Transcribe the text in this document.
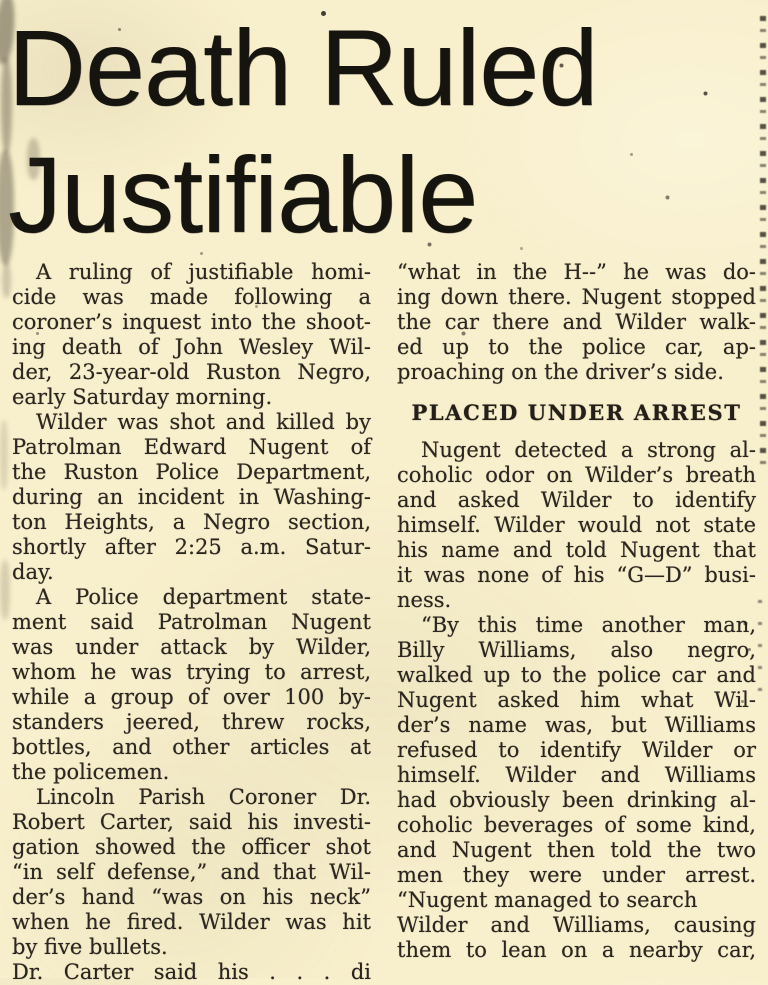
Death Ruled
Justifiable
A ruling of justifiable homi-
cide was made following a
coroner’s inquest into the shoot-
ing death of John Wesley Wil-
der, 23-year-old Ruston Negro,
early Saturday morning.
Wilder was shot and killed by
Patrolman Edward Nugent of
the Ruston Police Department,
during an incident in Washing-
ton Heights, a Negro section,
shortly after 2:25 a.m. Satur-
day.
A Police department state-
ment said Patrolman Nugent
was under attack by Wilder,
whom he was trying to arrest,
while a group of over 100 by-
standers jeered, threw rocks,
bottles, and other articles at
the policemen.
Lincoln Parish Coroner Dr.
Robert Carter, said his investi-
gation showed the officer shot
“in self defense,” and that Wil-
der’s hand “was on his neck”
when he fired. Wilder was hit
by five bullets.
Dr. Carter said his . . . di
“what in the H--” he was do-
ing down there. Nugent stopped
the car there and Wilder walk-
ed up to the police car, ap-
proaching on the driver’s side.
PLACED UNDER ARREST
Nugent detected a strong al-
coholic odor on Wilder’s breath
and asked Wilder to identify
himself. Wilder would not state
his name and told Nugent that
it was none of his “G—D” busi-
ness.
“By this time another man,
Billy Williams, also negro,
walked up to the police car and
Nugent asked him what Wil-
der’s name was, but Williams
refused to identify Wilder or
himself. Wilder and Williams
had obviously been drinking al-
coholic beverages of some kind,
and Nugent then told the two
men they were under arrest.
“Nugent managed to search
Wilder and Williams, causing
them to lean on a nearby car,
